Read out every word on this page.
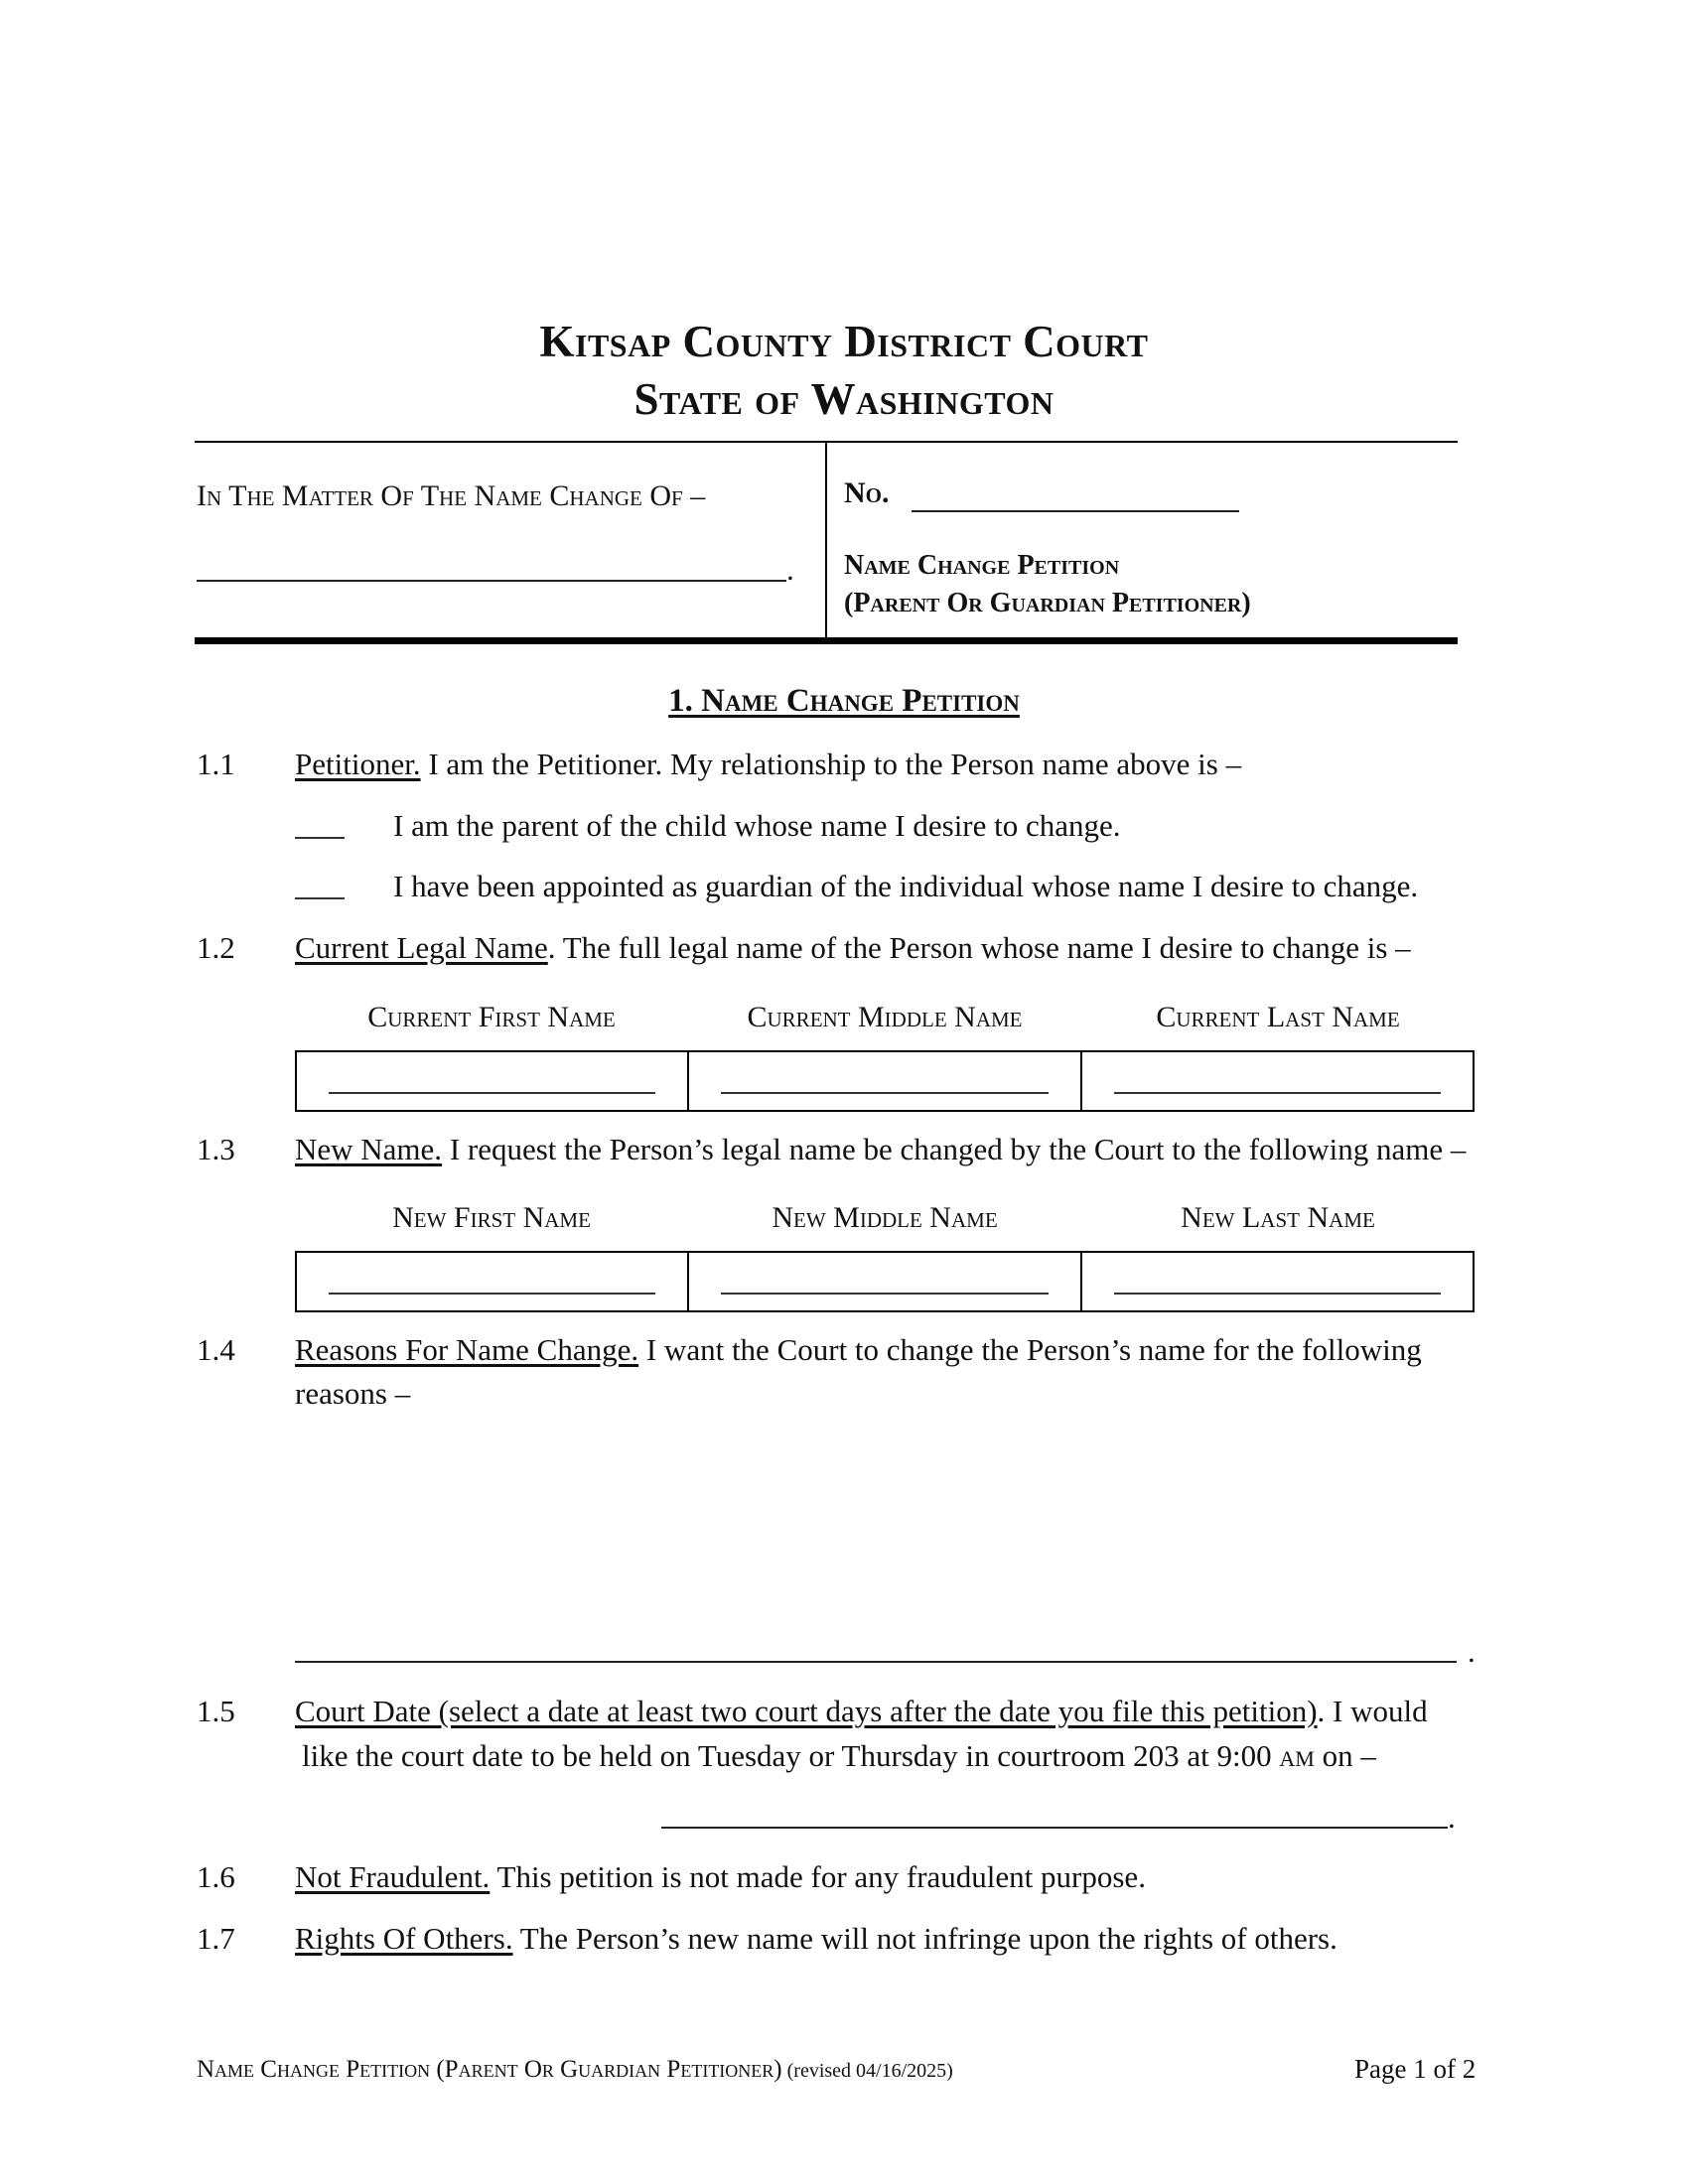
Kitsap County District Court
State of Washington
In The Matter Of The Name Change Of –
.
No.
Name Change Petition
(Parent Or Guardian Petitioner)
1. Name Change Petition
1.1 Petitioner. I am the Petitioner. My relationship to the Person name above is –
I am the parent of the child whose name I desire to change.
I have been appointed as guardian of the individual whose name I desire to change.
1.2 Current Legal Name. The full legal name of the Person whose name I desire to change is –
Current First Name	Current Middle Name	Current Last Name
1.3 New Name. I request the Person’s legal name be changed by the Court to the following name –
New First Name	New Middle Name	New Last Name
1.4 Reasons For Name Change. I want the Court to change the Person’s name for the following
reasons –
.
1.5 Court Date (select a date at least two court days after the date you file this petition). I would
like the court date to be held on Tuesday or Thursday in courtroom 203 at 9:00 am on –
.
1.6 Not Fraudulent. This petition is not made for any fraudulent purpose.
1.7 Rights Of Others. The Person’s new name will not infringe upon the rights of others.
Name Change Petition (Parent Or Guardian Petitioner) (revised 04/16/2025)	Page 1 of 2
